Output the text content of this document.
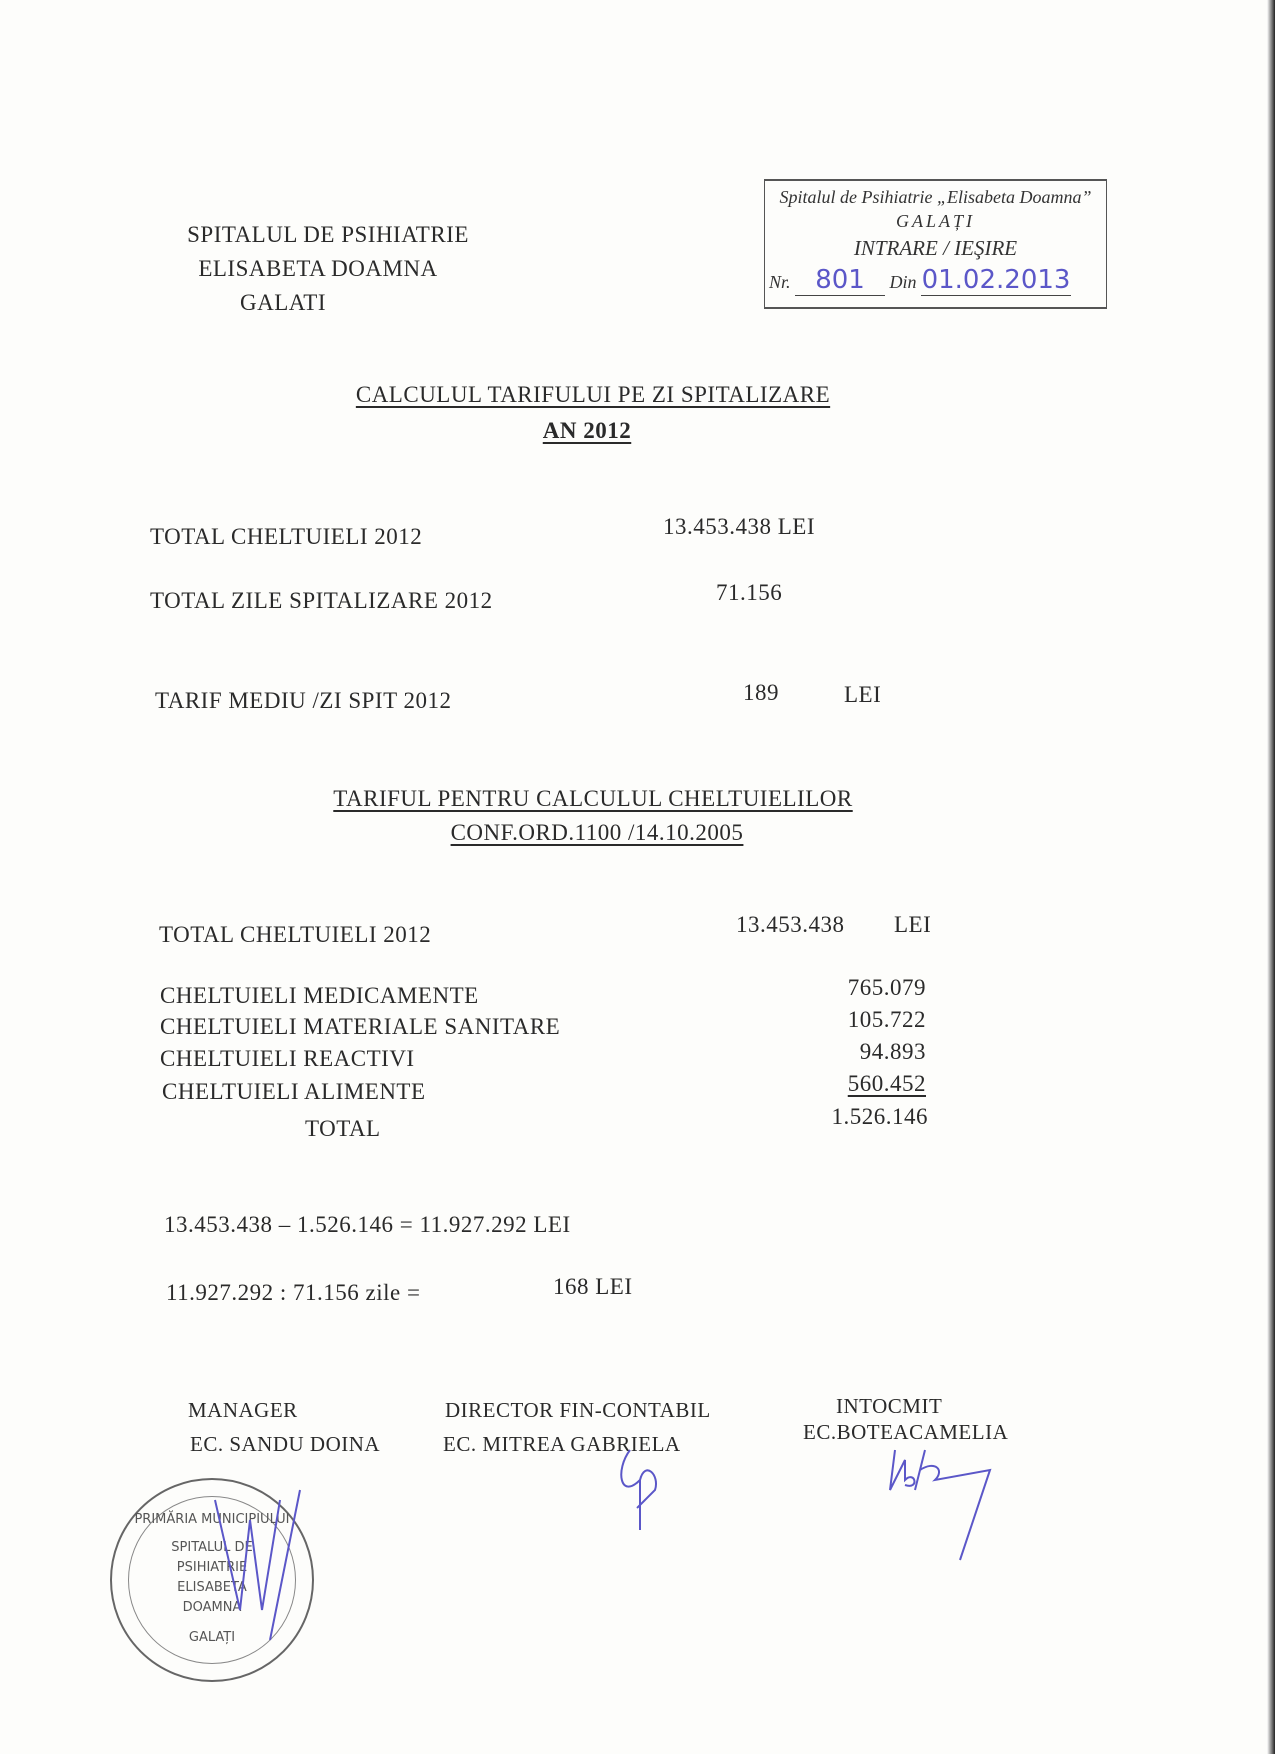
SPITALUL DE PSIHIATRIE
ELISABETA DOAMNA
GALATI
Spitalul de Psihiatrie „Elisabeta Doamna”
GALAȚI
INTRARE / IEŞIRE
Nr. 801 Din 01.02.2013
CALCULUL TARIFULUI PE ZI SPITALIZARE
AN 2012
TOTAL CHELTUIELI 2012	13.453.438 LEI
TOTAL ZILE SPITALIZARE 2012	71.156
TARIF MEDIU /ZI SPIT 2012	189	LEI
TARIFUL PENTRU CALCULUL CHELTUIELILOR
CONF.ORD.1100 /14.10.2005
TOTAL CHELTUIELI 2012	13.453.438 LEI
CHELTUIELI MEDICAMENTE	765.079
CHELTUIELI MATERIALE SANITARE	105.722
CHELTUIELI REACTIVI	94.893
CHELTUIELI ALIMENTE	560.452
TOTAL	1.526.146
13.453.438 – 1.526.146 = 11.927.292 LEI
11.927.292 : 71.156 zile =	168 LEI
PRIMĂRIA MUNICIPIULUI
SPITALUL DE
PSIHIATRIE
ELISABETA
DOAMNA
GALAȚI
MANAGER
EC. SANDU DOINA
DIRECTOR FIN-CONTABIL
EC. MITREA GABRIELA
INTOCMIT
EC.BOTEACAMELIA
